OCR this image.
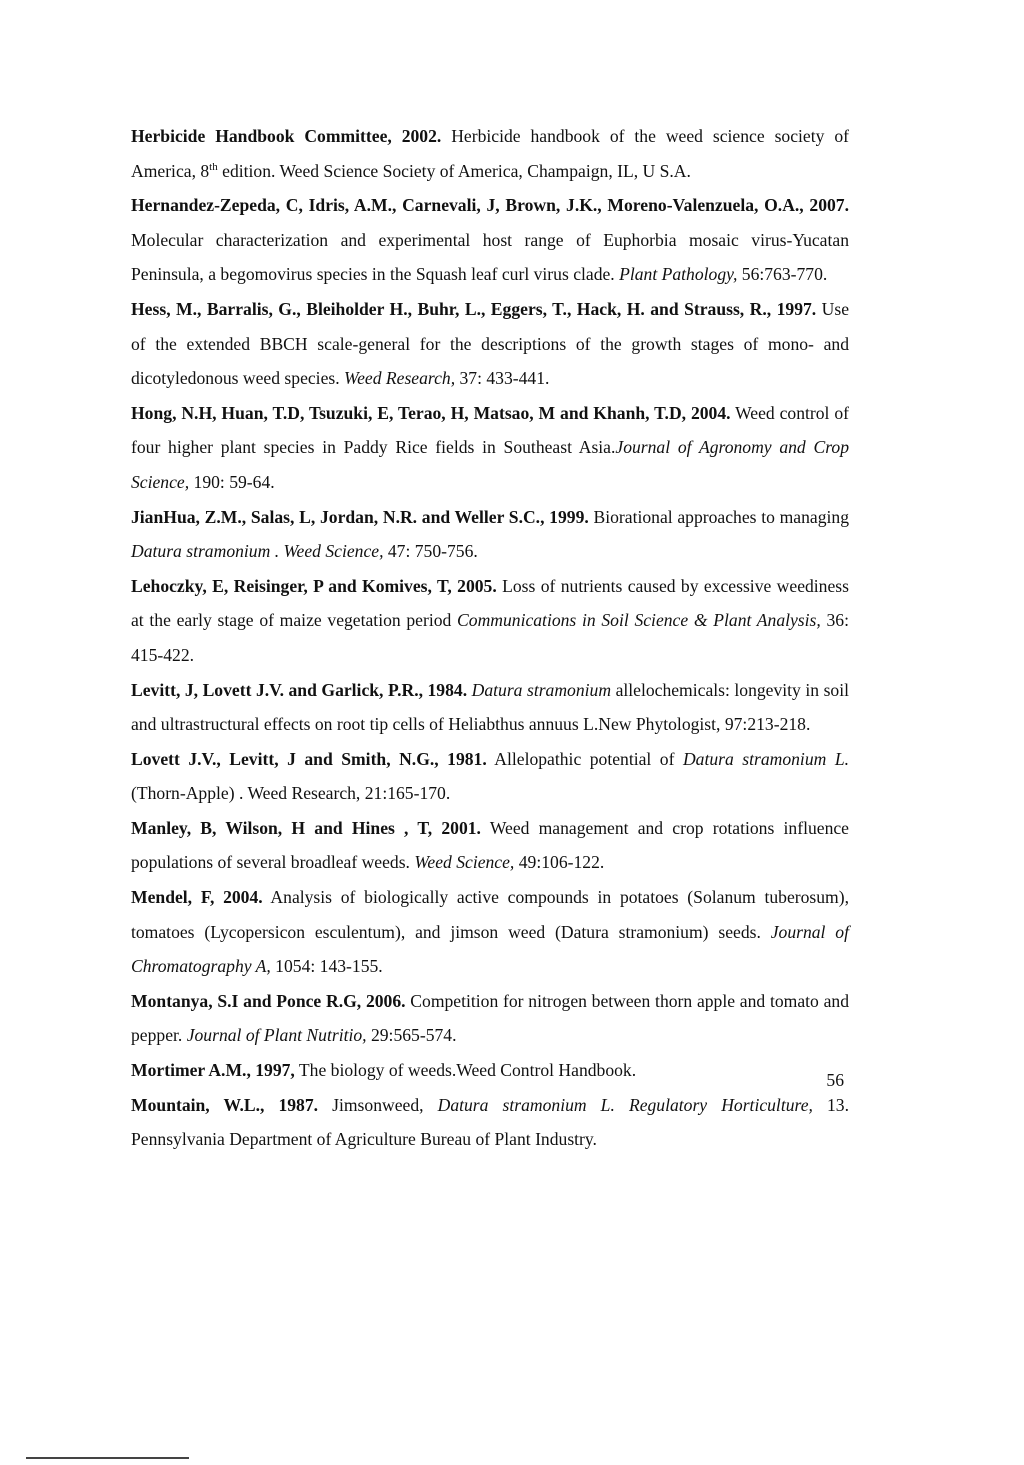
Herbicide Handbook Committee, 2002. Herbicide handbook of the weed science society of America, 8th edition. Weed Science Society of America, Champaign, IL, U S.A.

Hernandez-Zepeda, C, Idris, A.M., Carnevali, J, Brown, J.K., Moreno-Valenzuela, O.A., 2007. Molecular characterization and experimental host range of Euphorbia mosaic virus-Yucatan Peninsula, a begomovirus species in the Squash leaf curl virus clade. Plant Pathology, 56:763-770.

Hess, M., Barralis, G., Bleiholder H., Buhr, L., Eggers, T., Hack, H. and Strauss, R., 1997. Use of the extended BBCH scale-general for the descriptions of the growth stages of mono- and dicotyledonous weed species. Weed Research, 37: 433-441.

Hong, N.H, Huan, T.D, Tsuzuki, E, Terao, H, Matsao, M and Khanh, T.D, 2004. Weed control of four higher plant species in Paddy Rice fields in Southeast Asia.Journal of Agronomy and Crop Science, 190: 59-64.

JianHua, Z.M., Salas, L, Jordan, N.R. and Weller S.C., 1999. Biorational approaches to managing Datura stramonium . Weed Science, 47: 750-756.

Lehoczky, E, Reisinger, P and Komives, T, 2005. Loss of nutrients caused by excessive weediness at the early stage of maize vegetation period Communications in Soil Science & Plant Analysis, 36: 415-422.

Levitt, J, Lovett J.V. and Garlick, P.R., 1984. Datura stramonium allelochemicals: longevity in soil and ultrastructural effects on root tip cells of Heliabthus annuus L.New Phytologist, 97:213-218.

Lovett J.V., Levitt, J and Smith, N.G., 1981. Allelopathic potential of Datura stramonium L. (Thorn-Apple) . Weed Research, 21:165-170.

Manley, B, Wilson, H and Hines , T, 2001. Weed management and crop rotations influence populations of several broadleaf weeds. Weed Science, 49:106-122.

Mendel, F, 2004. Analysis of biologically active compounds in potatoes (Solanum tuberosum), tomatoes (Lycopersicon esculentum), and jimson weed (Datura stramonium) seeds. Journal of Chromatography A, 1054: 143-155.

Montanya, S.I and Ponce R.G, 2006. Competition for nitrogen between thorn apple and tomato and pepper. Journal of Plant Nutritio, 29:565-574.

Mortimer A.M., 1997, The biology of weeds.Weed Control Handbook.

Mountain, W.L., 1987. Jimsonweed, Datura stramonium L. Regulatory Horticulture, 13. Pennsylvania Department of Agriculture Bureau of Plant Industry.

56
